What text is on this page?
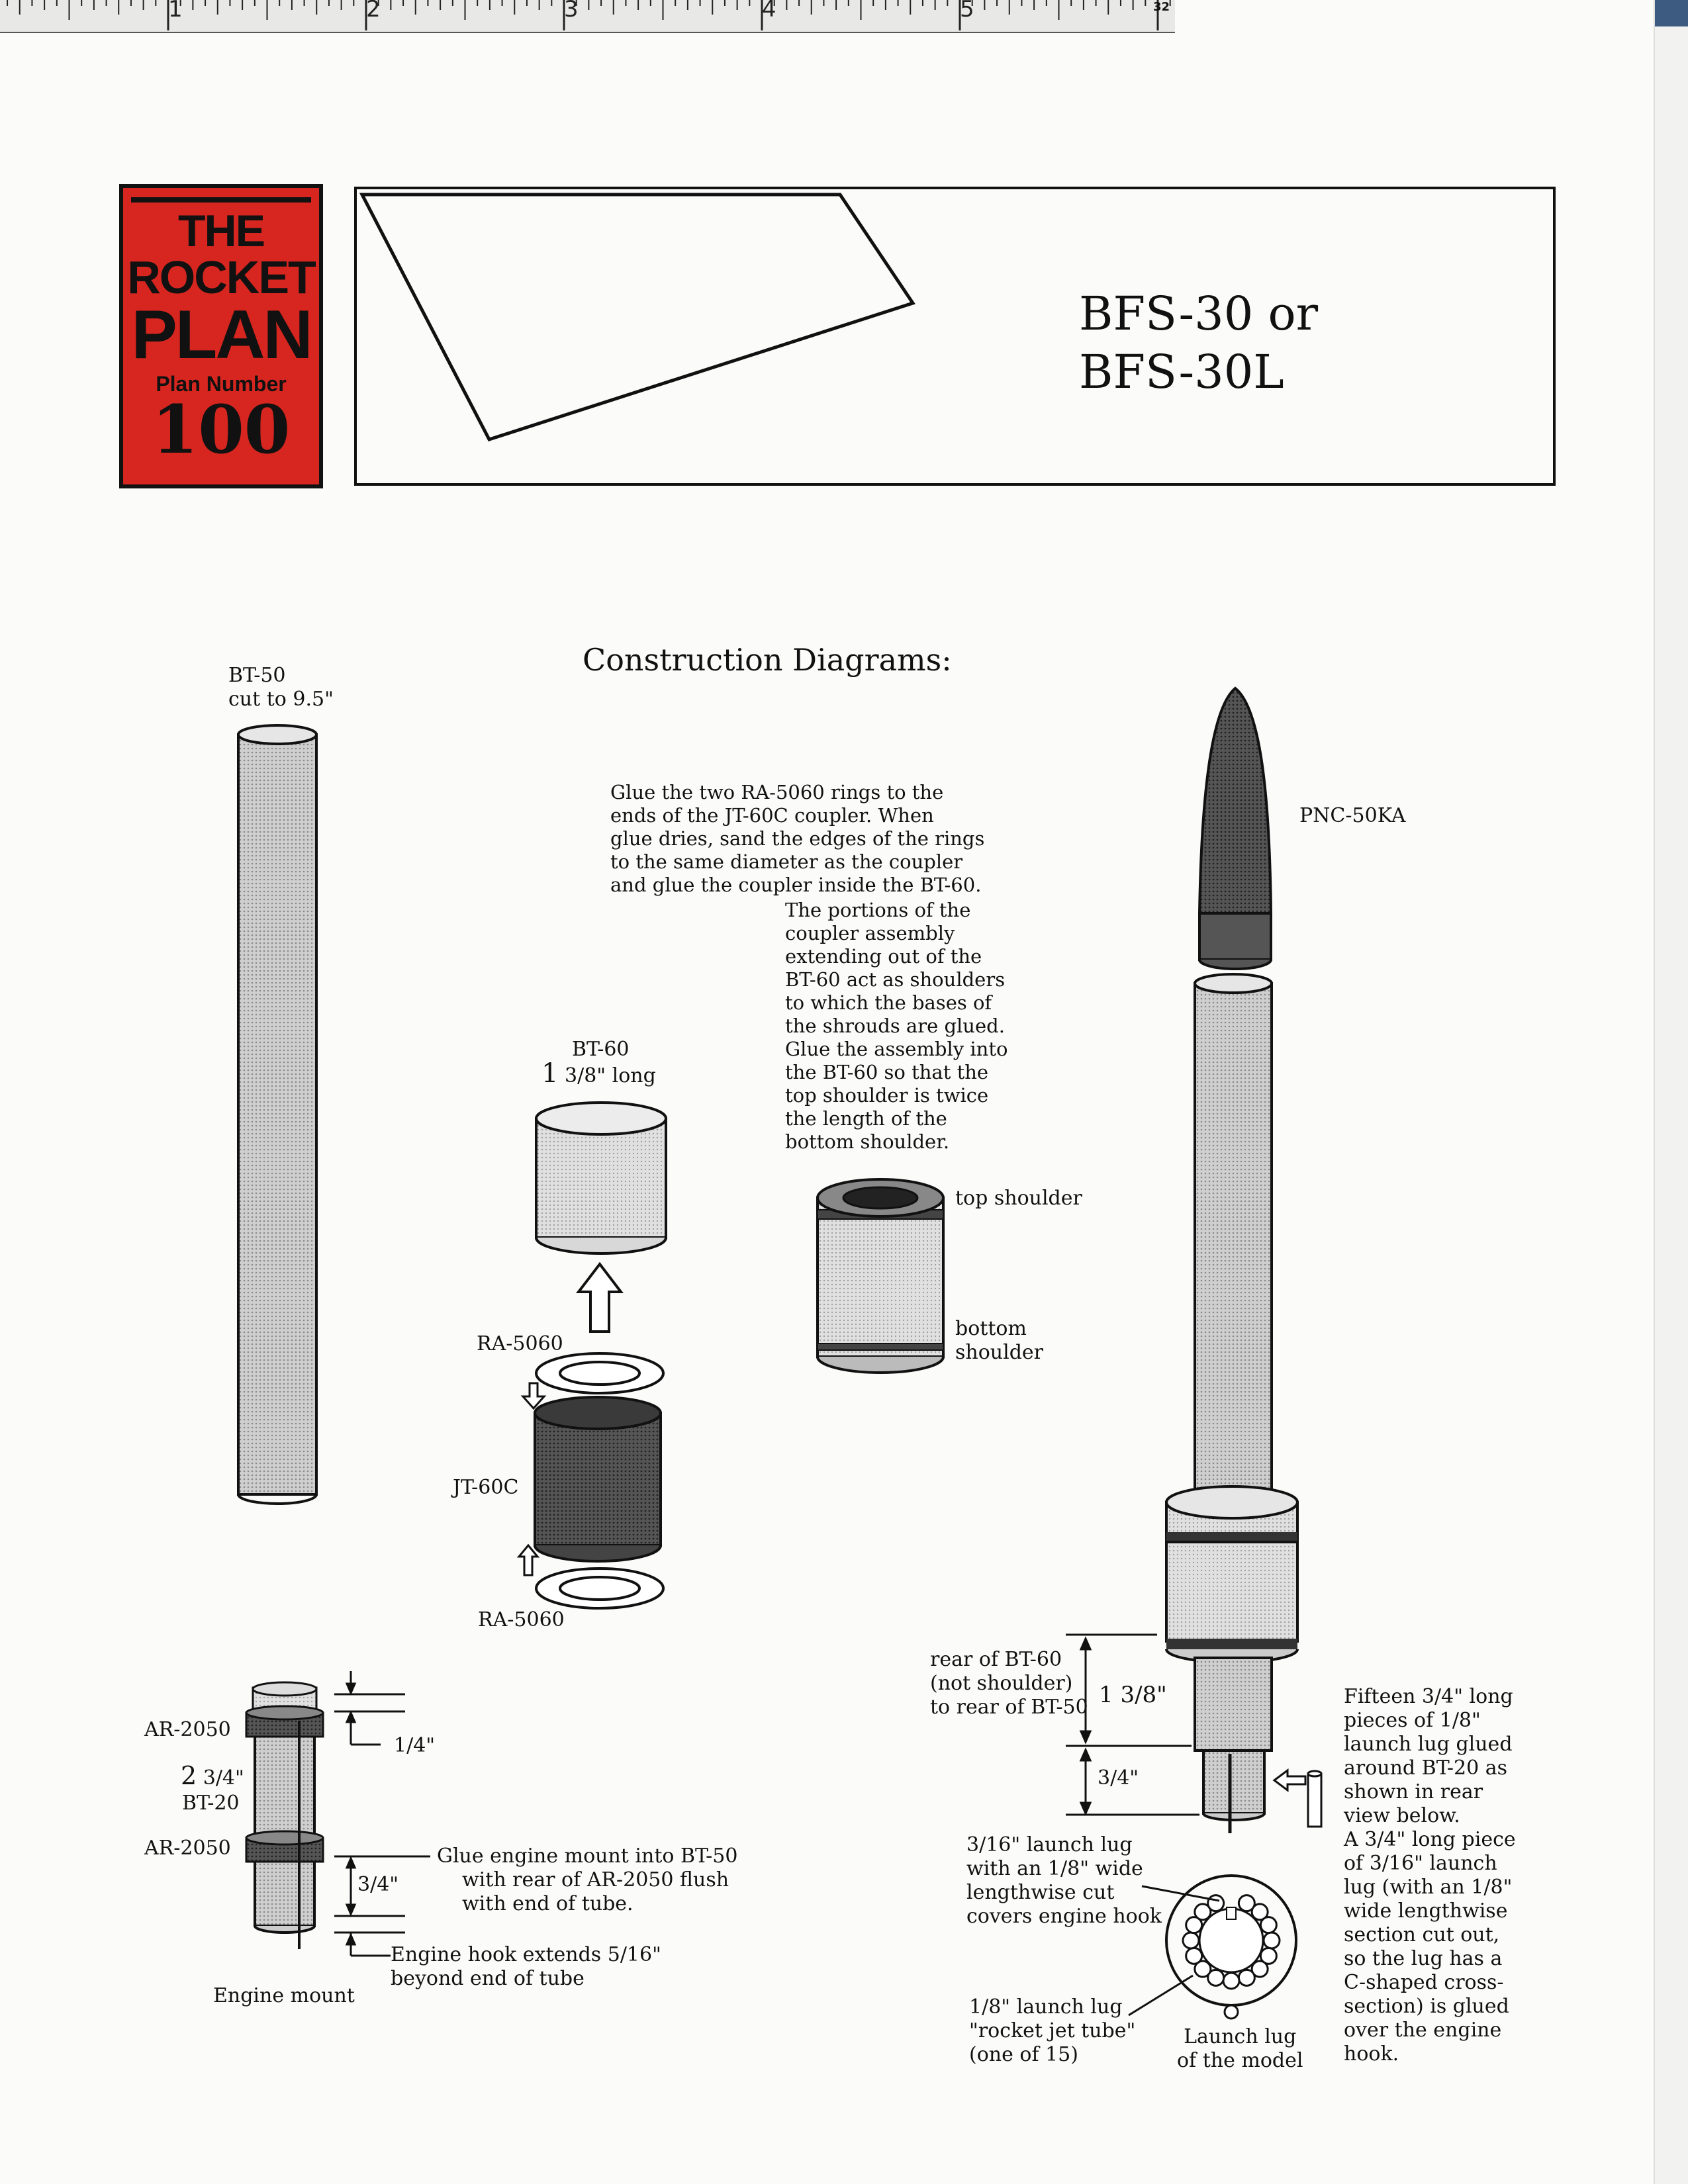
1	2	3	4	5	32
THE
ROCKET
PLAN
Plan Number
100
BFS-30 or
BFS-30L
Construction Diagrams:
BT-50
cut to 9.5"
Glue the two RA-5060 rings to the
ends of the JT-60C coupler. When
glue dries, sand the edges of the rings
to the same diameter as the coupler
and glue the coupler inside the BT-60.
The portions of the
coupler assembly
extending out of the
BT-60 act as shoulders
to which the bases of
the shrouds are glued.
Glue the assembly into
the BT-60 so that the
top shoulder is twice
the length of the
bottom shoulder.
BT-60
1 3/8" long
RA-5060
JT-60C
RA-5060
top shoulder
bottom
shoulder
PNC-50KA
AR-2050
2 3/4"
BT-20
AR-2050
1/4"
3/4"
Glue engine mount into BT-50
with rear of AR-2050 flush
with end of tube.
Engine hook extends 5/16"
beyond end of tube
Engine mount
rear of BT-60
(not shoulder)
to rear of BT-50 1 3/8"
3/4"
3/16" launch lug
with an 1/8" wide
lengthwise cut
covers engine hook
1/8" launch lug
"rocket jet tube"
(one of 15)
Launch lug
of the model
Fifteen 3/4" long
pieces of 1/8"
launch lug glued
around BT-20 as
shown in rear
view below.
A 3/4" long piece
of 3/16" launch
lug (with an 1/8"
wide lengthwise
section cut out,
so the lug has a
C-shaped cross-
section) is glued
over the engine
hook.
